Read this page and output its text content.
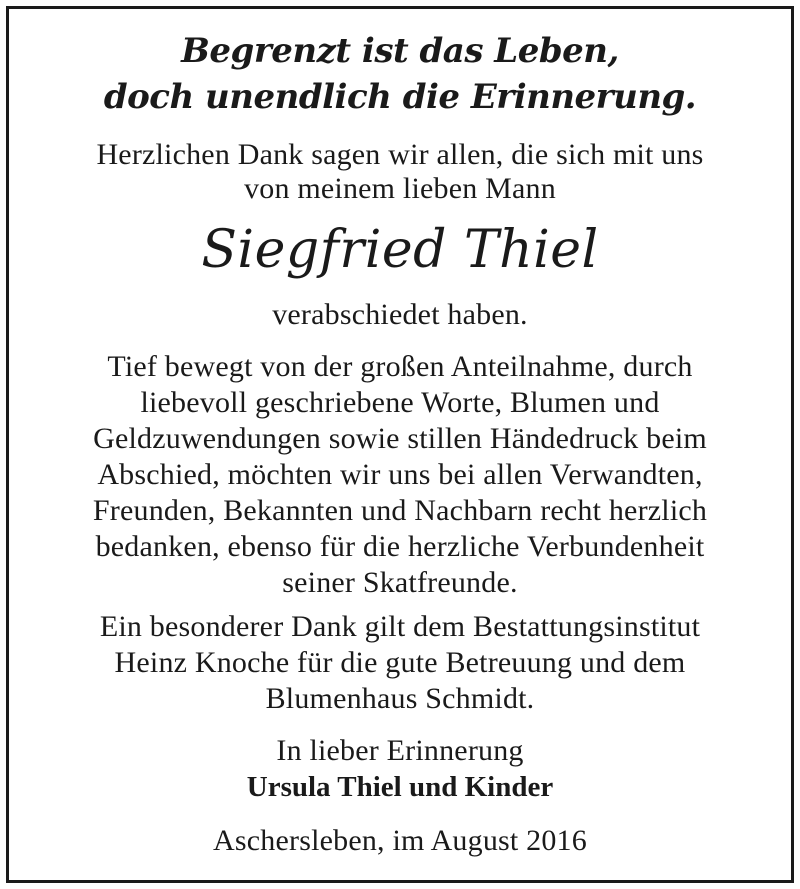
Begrenzt ist das Leben,
doch unendlich die Erinnerung.
Herzlichen Dank sagen wir allen, die sich mit uns
von meinem lieben Mann
Siegfried Thiel
verabschiedet haben.
Tief bewegt von der großen Anteilnahme, durch
liebevoll geschriebene Worte, Blumen und
Geldzuwendungen sowie stillen Händedruck beim
Abschied, möchten wir uns bei allen Verwandten,
Freunden, Bekannten und Nachbarn recht herzlich
bedanken, ebenso für die herzliche Verbundenheit
seiner Skatfreunde.
Ein besonderer Dank gilt dem Bestattungsinstitut
Heinz Knoche für die gute Betreuung und dem
Blumenhaus Schmidt.
In lieber Erinnerung
Ursula Thiel und Kinder
Aschersleben, im August 2016
